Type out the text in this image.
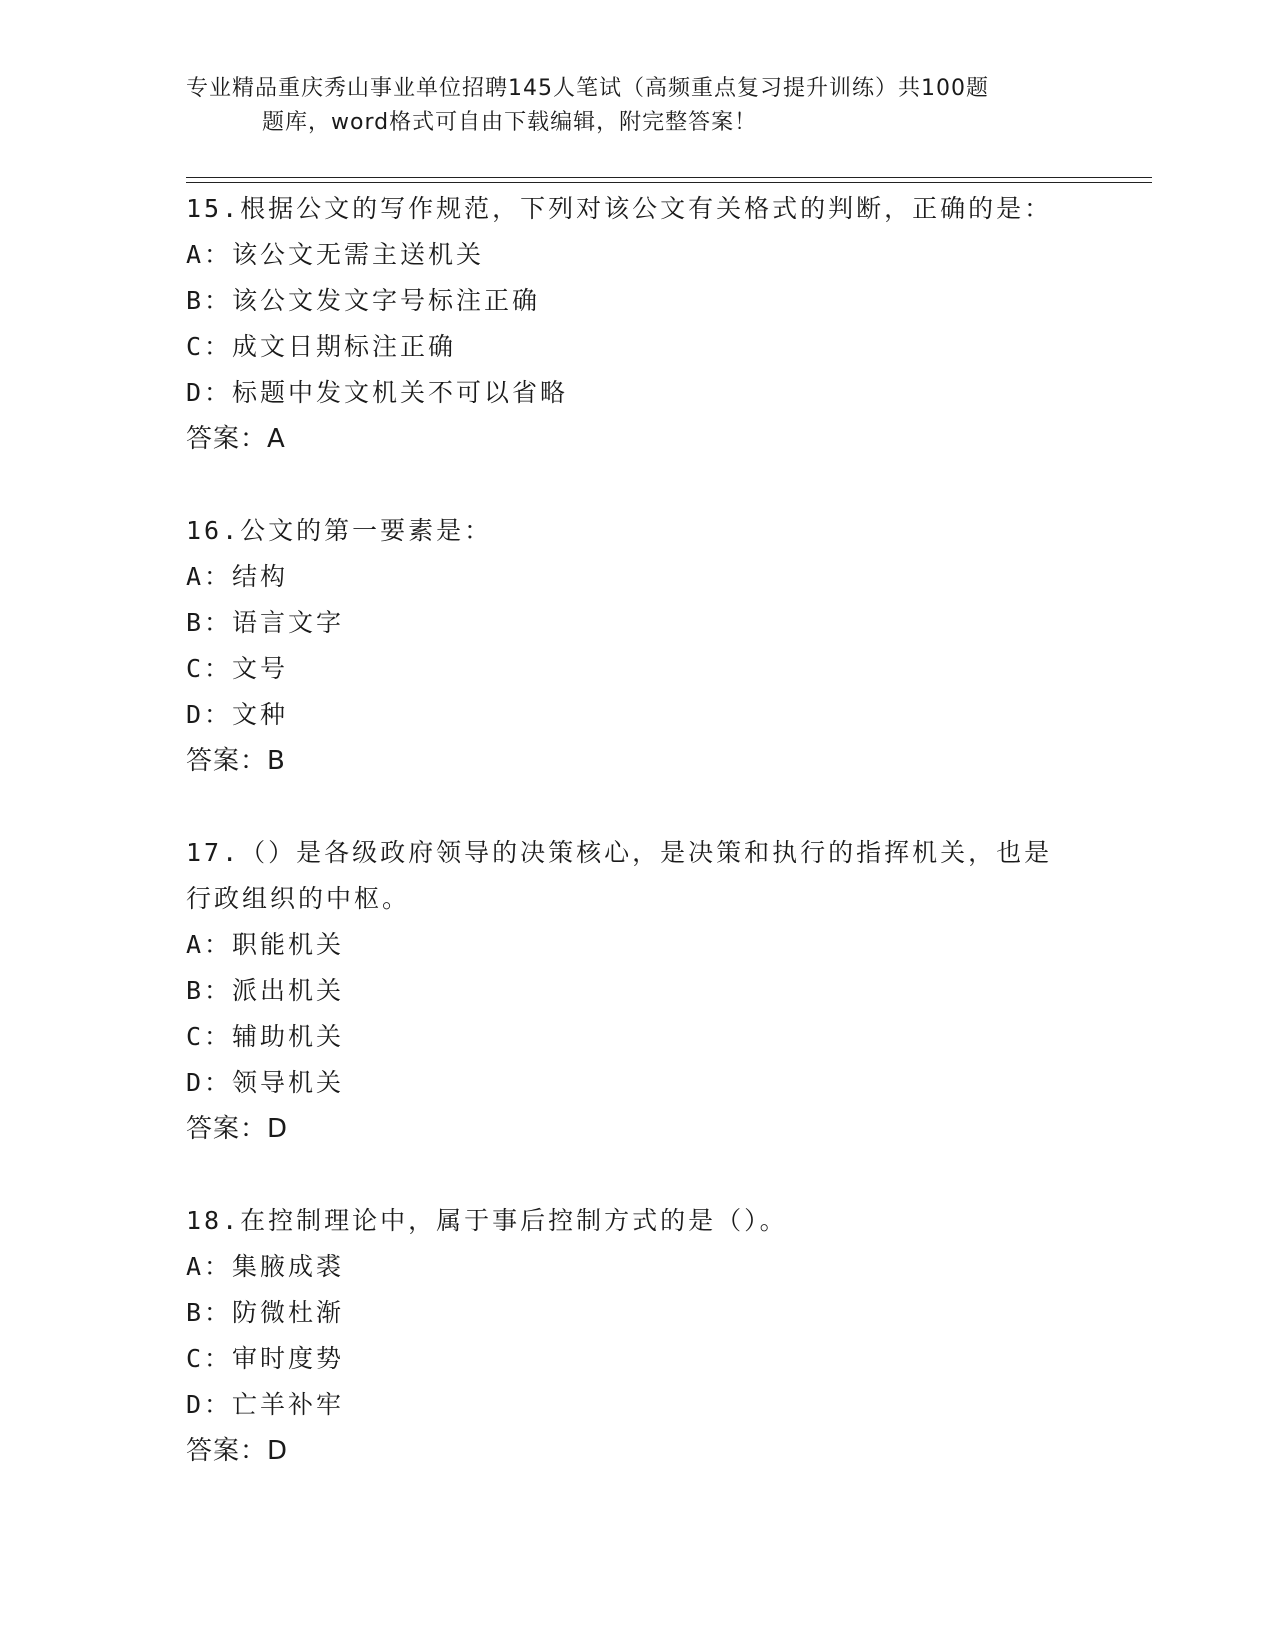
专业精品重庆秀山事业单位招聘145人笔试（高频重点复习提升训练）共100题
题库，word格式可自由下载编辑，附完整答案！
15.根据公文的写作规范，下列对该公文有关格式的判断，正确的是：
A：该公文无需主送机关
B：该公文发文字号标注正确
C：成文日期标注正确
D：标题中发文机关不可以省略
答案：A
16.公文的第一要素是：
A：结构
B：语言文字
C：文号
D：文种
答案：B
17.（）是各级政府领导的决策核心，是决策和执行的指挥机关，也是
行政组织的中枢。
A：职能机关
B：派出机关
C：辅助机关
D：领导机关
答案：D
18.在控制理论中，属于事后控制方式的是（）。
A：集腋成裘
B：防微杜渐
C：审时度势
D：亡羊补牢
答案：D
